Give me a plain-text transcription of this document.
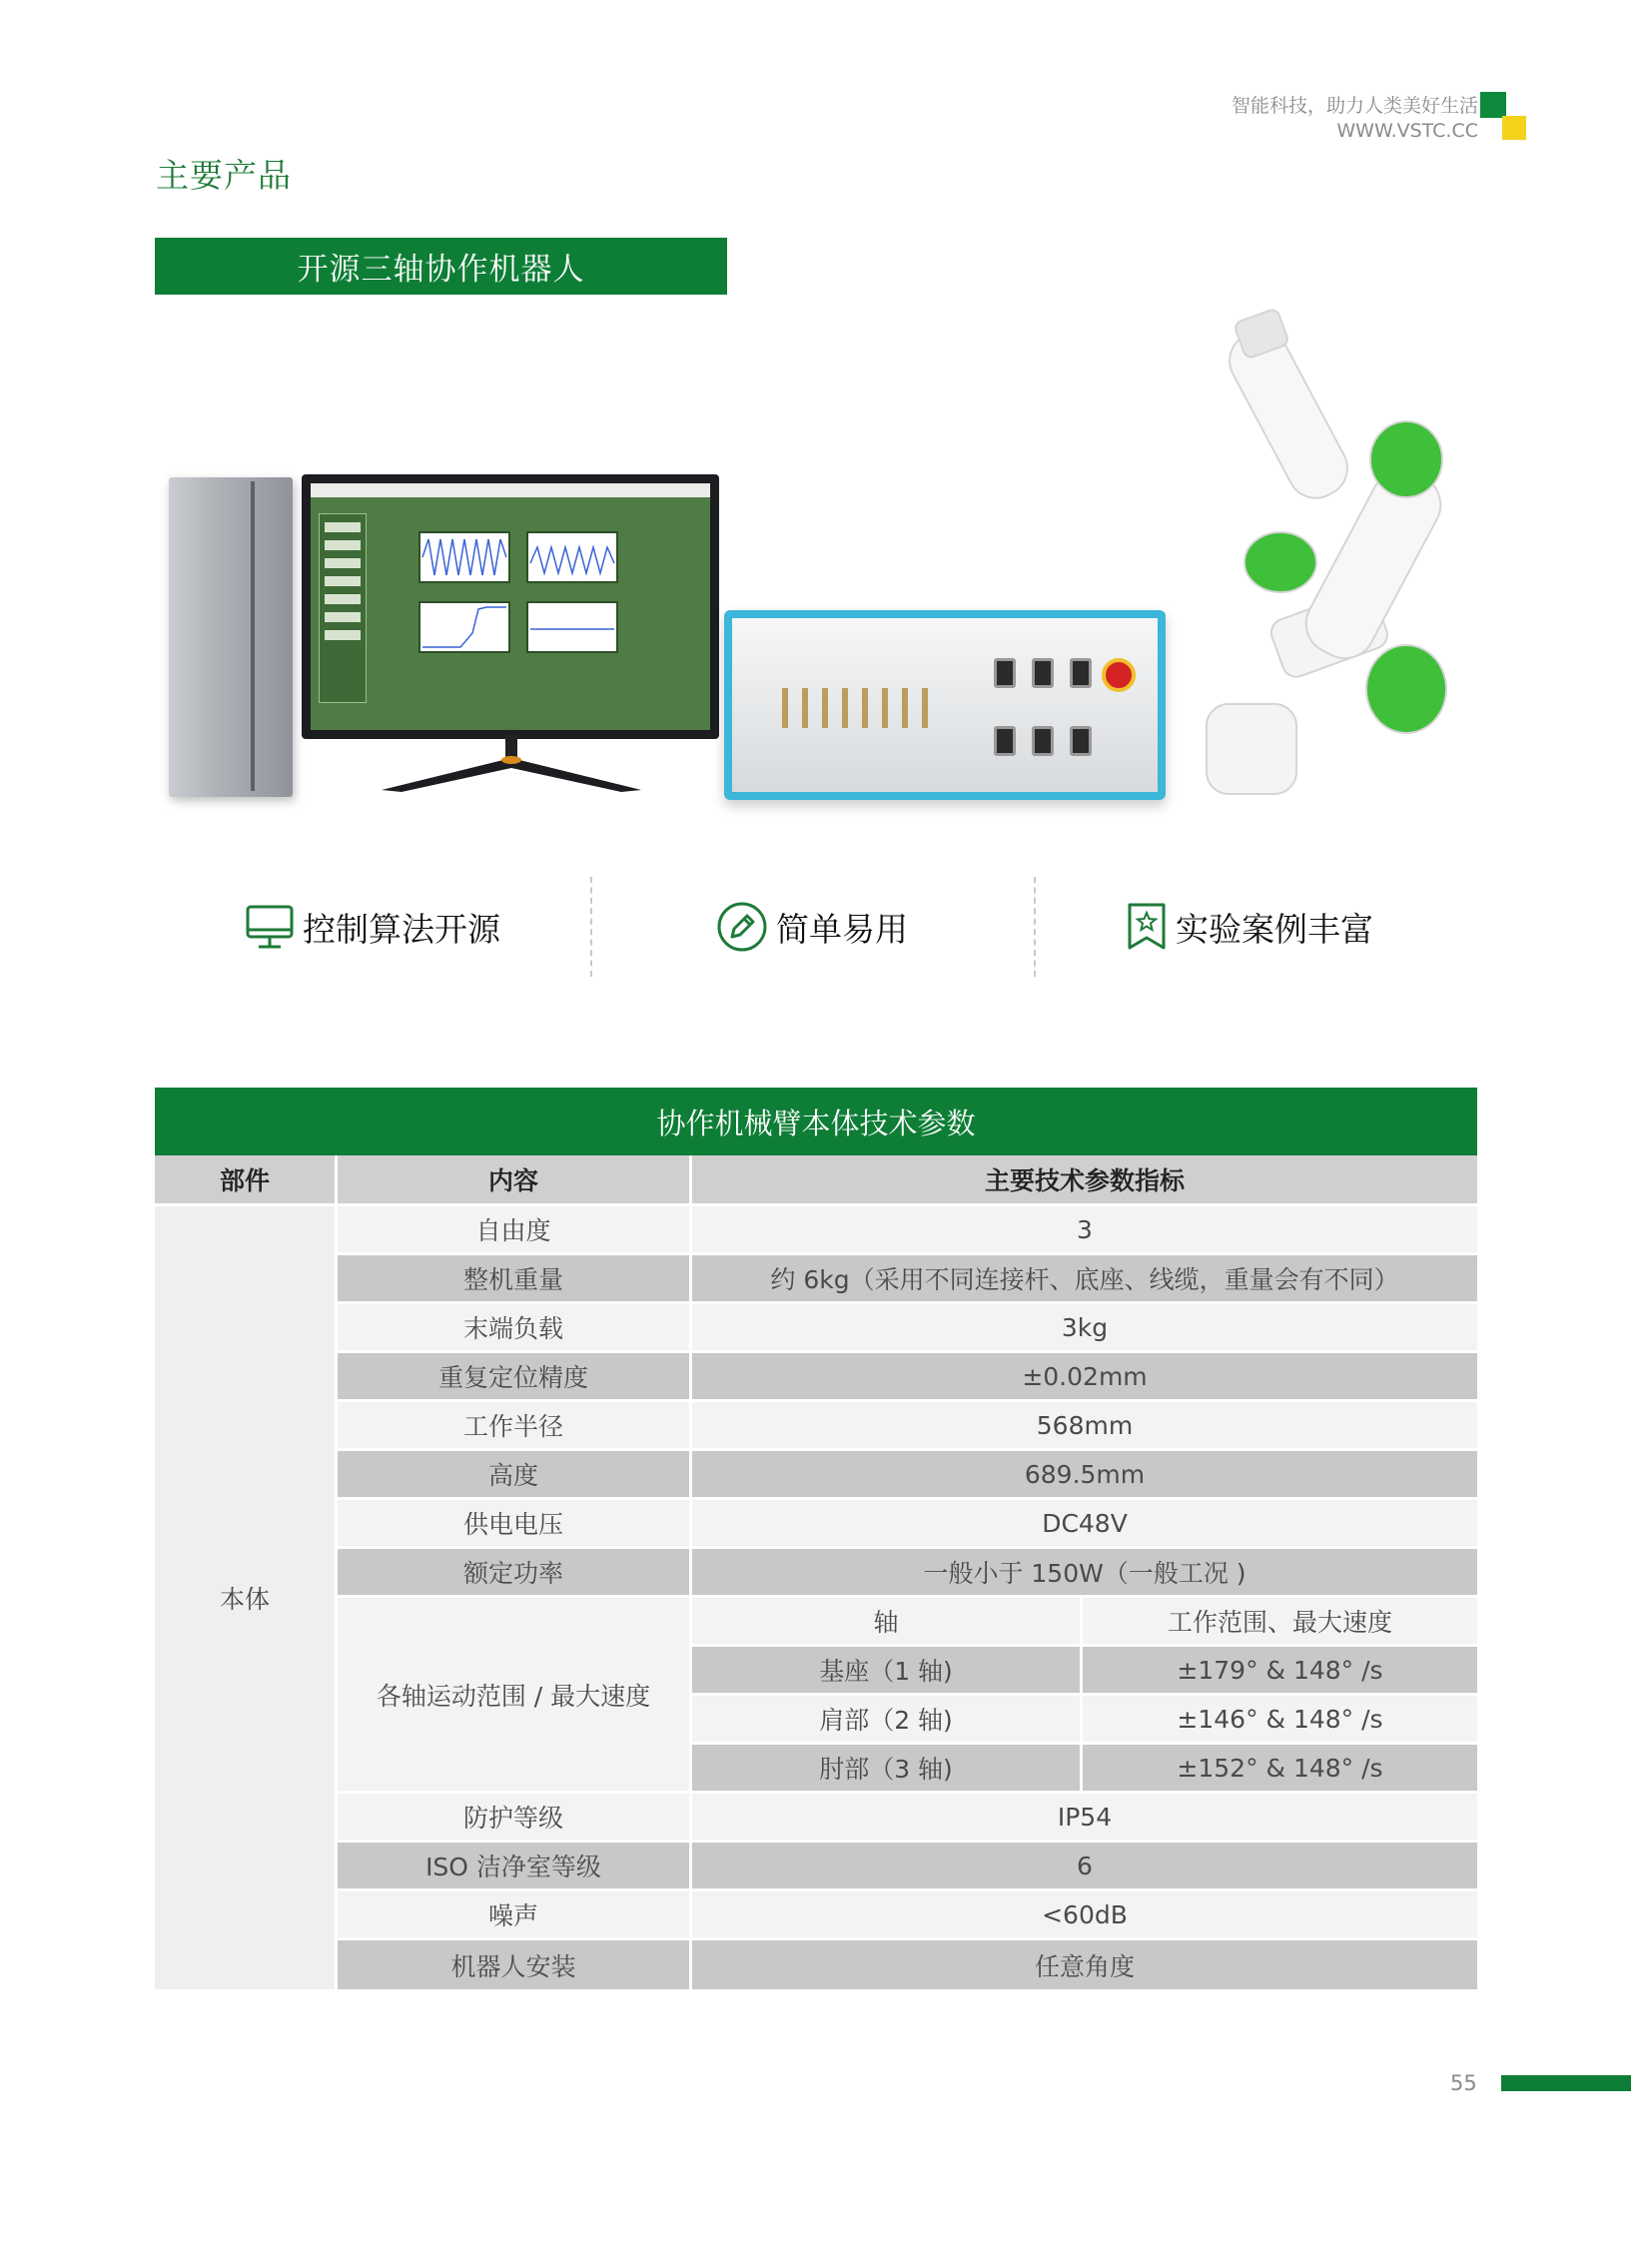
智能科技，助力人类美好生活
WWW.VSTC.CC
主要产品
开源三轴协作机器人
控制算法开源	简单易用	实验案例丰富
协作机械臂本体技术参数
部件	内容	主要技术参数指标
本体
自由度	3
整机重量	约 6kg（采用不同连接杆、底座、线缆，重量会有不同）
末端负载	3kg
重复定位精度	±0.02mm
工作半径	568mm
高度	689.5mm
供电电压	DC48V
额定功率	一般小于 150W（一般工况 )
各轴运动范围 / 最大速度
轴	工作范围、最大速度
基座（1 轴)	±179° & 148° /s
肩部（2 轴)	±146° & 148° /s
肘部（3 轴)	±152° & 148° /s
防护等级	IP54
ISO 洁净室等级	6
噪声	<60dB
机器人安装	任意角度
55
